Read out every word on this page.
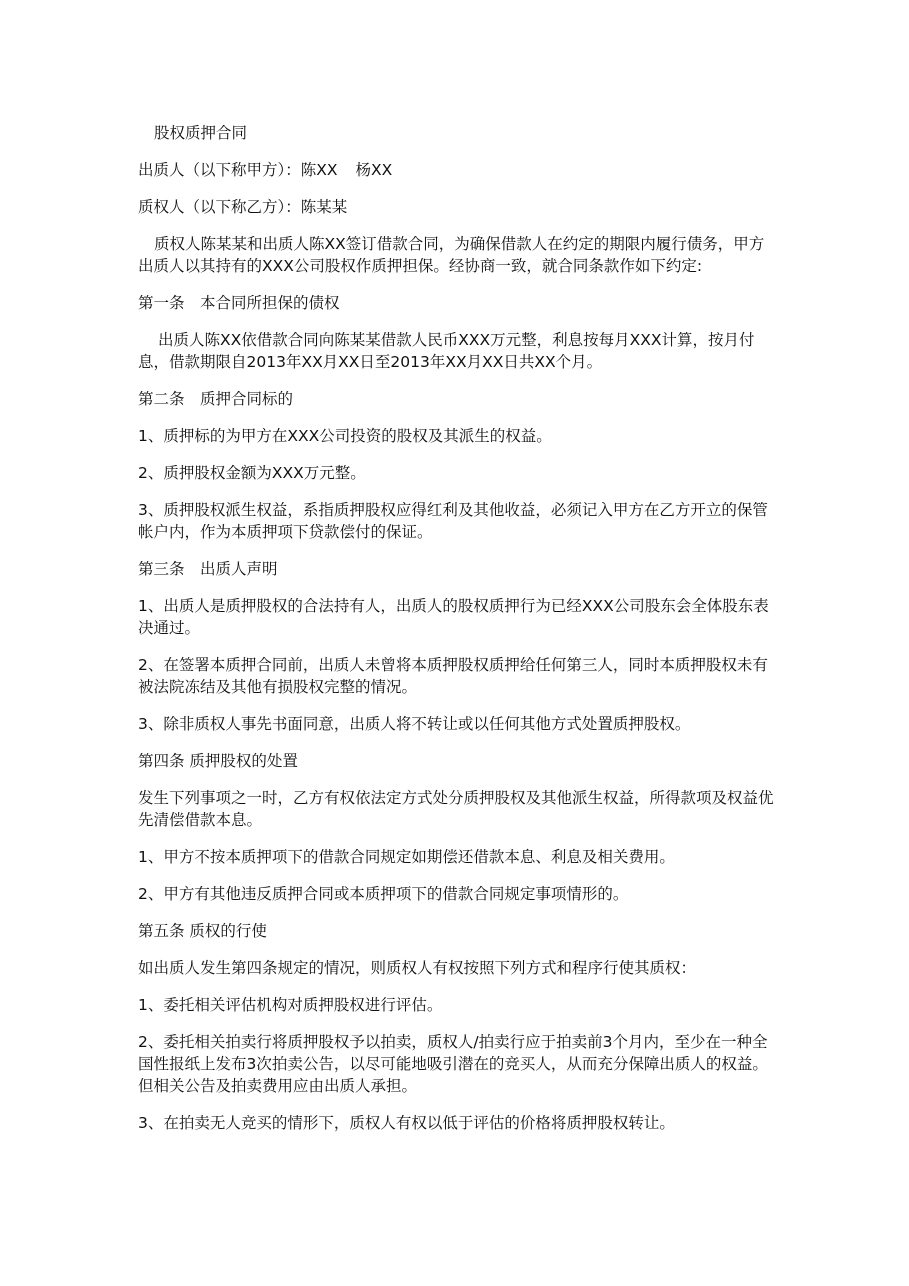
股权质押合同

出质人（以下称甲方）：陈XX 杨XX

质权人（以下称乙方）：陈某某

质权人陈某某和出质人陈XX签订借款合同，为确保借款人在约定的期限内履行债务，甲方出质人以其持有的XXX公司股权作质押担保。经协商一致，就合同条款作如下约定:

第一条　本合同所担保的债权

出质人陈XX依借款合同向陈某某借款人民币XXX万元整，利息按每月XXX计算，按月付息，借款期限自2013年XX月XX日至2013年XX月XX日共XX个月。

第二条　质押合同标的

1、质押标的为甲方在XXX公司投资的股权及其派生的权益。

2、质押股权金额为XXX万元整。

3、质押股权派生权益，系指质押股权应得红利及其他收益，必须记入甲方在乙方开立的保管帐户内，作为本质押项下贷款偿付的保证。

第三条　出质人声明

1、出质人是质押股权的合法持有人，出质人的股权质押行为已经XXX公司股东会全体股东表决通过。

2、在签署本质押合同前，出质人未曾将本质押股权质押给任何第三人，同时本质押股权未有被法院冻结及其他有损股权完整的情况。

3、除非质权人事先书面同意，出质人将不转让或以任何其他方式处置质押股权。

第四条 质押股权的处置

发生下列事项之一时，乙方有权依法定方式处分质押股权及其他派生权益，所得款项及权益优先清偿借款本息。

1、甲方不按本质押项下的借款合同规定如期偿还借款本息、利息及相关费用。

2、甲方有其他违反质押合同或本质押项下的借款合同规定事项情形的。

第五条 质权的行使

如出质人发生第四条规定的情况，则质权人有权按照下列方式和程序行使其质权：

1、委托相关评估机构对质押股权进行评估。

2、委托相关拍卖行将质押股权予以拍卖，质权人/拍卖行应于拍卖前3个月内，至少在一种全国性报纸上发布3次拍卖公告，以尽可能地吸引潜在的竞买人，从而充分保障出质人的权益。但相关公告及拍卖费用应由出质人承担。

3、在拍卖无人竞买的情形下，质权人有权以低于评估的价格将质押股权转让。
